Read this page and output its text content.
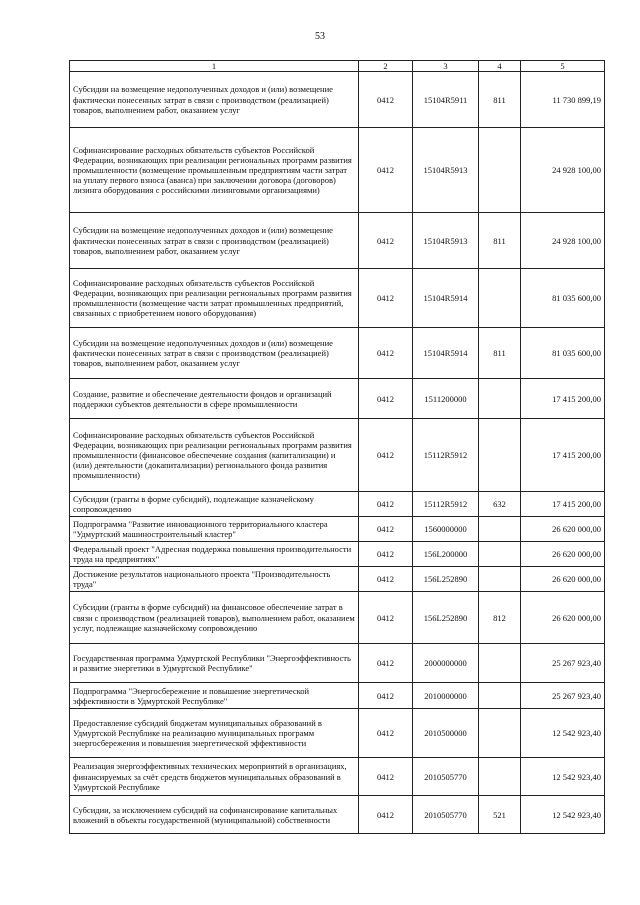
53
1	2	3	4	5
Субсидии на возмещение недополученных доходов и (или) возмещение фактически понесенных затрат в связи с производством (реализацией) товаров, выполнением работ, оказанием услуг	0412	15104R5911	811	11 730 899,19
Софинансирование расходных обязательств субъектов Российской Федерации, возникающих при реализации региональных программ развития промышленности (возмещение промышленным предприятиям части затрат на уплату первого взноса (аванса) при заключении договора (договоров) лизинга оборудования с российскими лизинговыми организациями)	0412	15104R5913		24 928 100,00
Субсидии на возмещение недополученных доходов и (или) возмещение фактически понесенных затрат в связи с производством (реализацией) товаров, выполнением работ, оказанием услуг	0412	15104R5913	811	24 928 100,00
Софинансирование расходных обязательств субъектов Российской Федерации, возникающих при реализации региональных программ развития промышленности (возмещение части затрат промышленных предприятий, связанных с приобретением нового оборудования)	0412	15104R5914		81 035 600,00
Субсидии на возмещение недополученных доходов и (или) возмещение фактически понесенных затрат в связи с производством (реализацией) товаров, выполнением работ, оказанием услуг	0412	15104R5914	811	81 035 600,00
Создание, развитие и обеспечение деятельности фондов и организаций поддержки субъектов деятельности в сфере промышленности	0412	1511200000		17 415 200,00
Софинансирование расходных обязательств субъектов Российской Федерации, возникающих при реализации региональных программ развития промышленности (финансовое обеспечение создания (капитализации) и (или) деятельности (докапитализации) регионального фонда развития промышленности)	0412	15112R5912		17 415 200,00
Субсидии (гранты в форме субсидий), подлежащие казначейскому сопровождению	0412	15112R5912	632	17 415 200,00
Подпрограмма "Развитие инновационного территориального кластера "Удмуртский машиностроительный кластер"	0412	1560000000		26 620 000,00
Федеральный проект "Адресная поддержка повышения производительности труда на предприятиях"	0412	156L200000		26 620 000,00
Достижение результатов национального проекта "Производительность труда"	0412	156L252890		26 620 000,00
Субсидии (гранты в форме субсидий) на финансовое обеспечение затрат в связи с производством (реализацией товаров), выполнением работ, оказанием услуг, подлежащие казначейскому сопровождению	0412	156L252890	812	26 620 000,00
Государственная программа Удмуртской Республики "Энергоэффективность и развитие энергетики в Удмуртской Республике"	0412	2000000000		25 267 923,40
Подпрограмма "Энергосбережение и повышение энергетической эффективности в Удмуртской Республике"	0412	2010000000		25 267 923,40
Предоставление субсидий бюджетам муниципальных образований в Удмуртской Республике на реализацию муниципальных программ энергосбережения и повышения энергетической эффективности	0412	2010500000		12 542 923,40
Реализация энергоэффективных технических мероприятий в организациях, финансируемых за счёт средств бюджетов муниципальных образований в Удмуртской Республике	0412	2010505770		12 542 923,40
Субсидии, за исключением субсидий на софинансирование капитальных вложений в объекты государственной (муниципальной) собственности	0412	2010505770	521	12 542 923,40
